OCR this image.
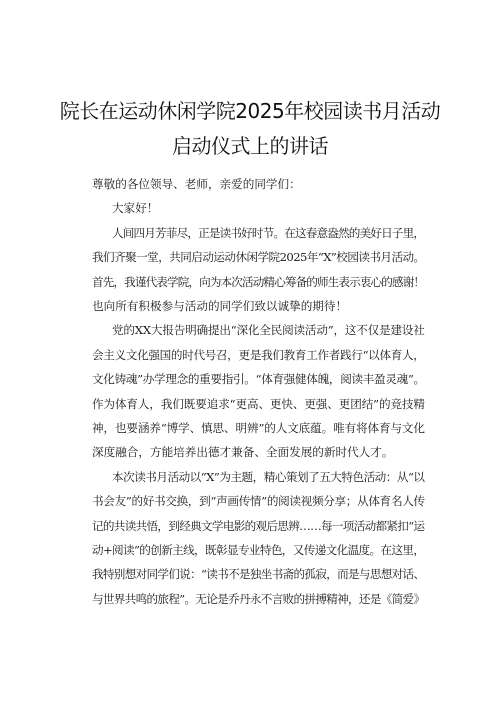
院长在运动休闲学院2025年校园读书月活动
启动仪式上的讲话
尊敬的各位领导、老师，亲爱的同学们：
大家好！
人间四月芳菲尽，正是读书好时节。在这春意盎然的美好日子里，
我们齐聚一堂，共同启动运动休闲学院2025年“X”校园读书月活动。
首先，我谨代表学院，向为本次活动精心筹备的师生表示衷心的感谢！
也向所有积极参与活动的同学们致以诚挚的期待！
党的XX大报告明确提出“深化全民阅读活动”，这不仅是建设社
会主义文化强国的时代号召，更是我们教育工作者践行“以体育人，
文化铸魂”办学理念的重要指引。“体育强健体魄，阅读丰盈灵魂”。
作为体育人，我们既要追求“更高、更快、更强、更团结”的竞技精
神，也要涵养“博学、慎思、明辨”的人文底蕴。唯有将体育与文化
深度融合，方能培养出德才兼备、全面发展的新时代人才。
本次读书月活动以“X”为主题，精心策划了五大特色活动：从“以
书会友”的好书交换，到“声画传情”的阅读视频分享；从体育名人传
记的共读共悟，到经典文学电影的观后思辨……每一项活动都紧扣“运
动+阅读”的创新主线，既彰显专业特色，又传递文化温度。在这里，
我特别想对同学们说：“读书不是独坐书斋的孤寂，而是与思想对话、
与世界共鸣的旅程”。无论是乔丹永不言败的拼搏精神，还是《简爱》
